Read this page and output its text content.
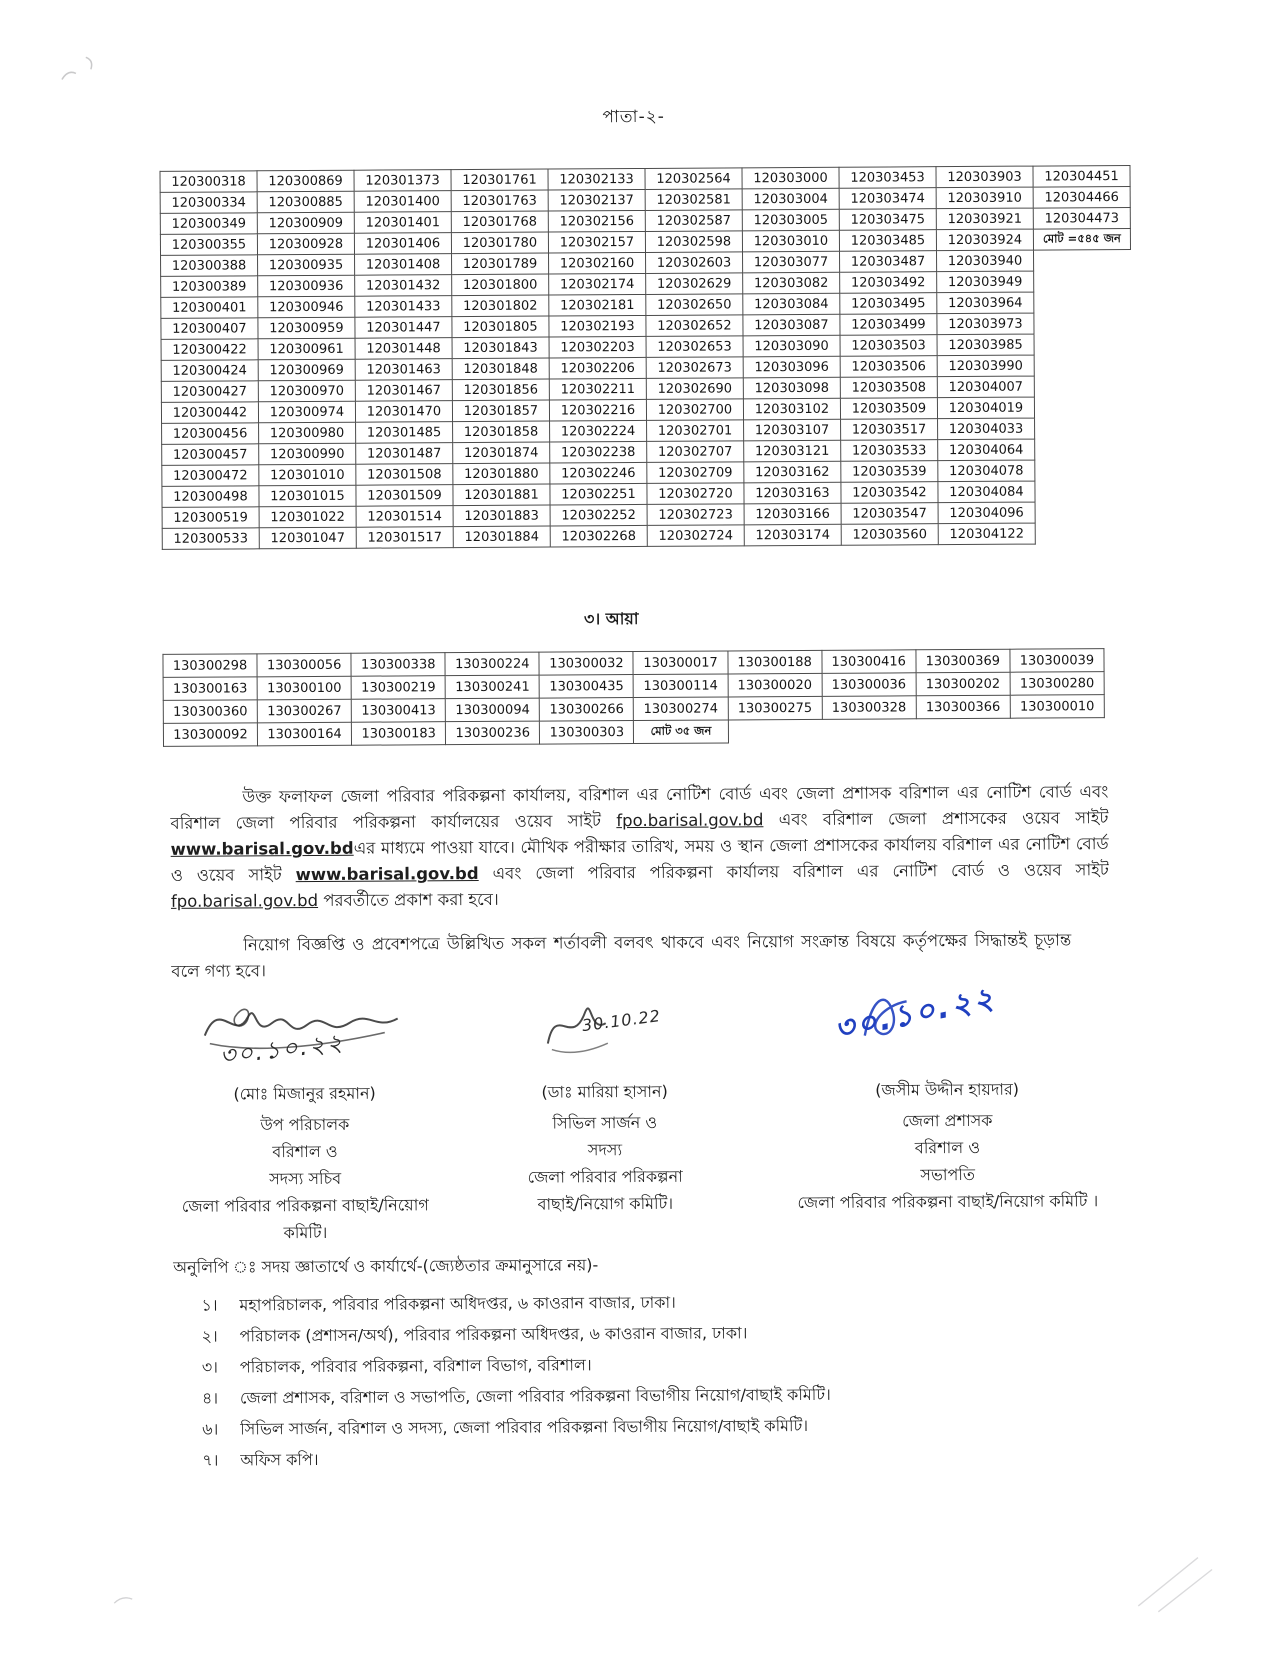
পাতা-২-
120300318	120300869	120301373	120301761	120302133	120302564	120303000	120303453	120303903	120304451
120300334	120300885	120301400	120301763	120302137	120302581	120303004	120303474	120303910	120304466
120300349	120300909	120301401	120301768	120302156	120302587	120303005	120303475	120303921	120304473
120300355	120300928	120301406	120301780	120302157	120302598	120303010	120303485	120303924	মোট =৫৪৫ জন
120300388	120300935	120301408	120301789	120302160	120302603	120303077	120303487	120303940	
120300389	120300936	120301432	120301800	120302174	120302629	120303082	120303492	120303949	
120300401	120300946	120301433	120301802	120302181	120302650	120303084	120303495	120303964	
120300407	120300959	120301447	120301805	120302193	120302652	120303087	120303499	120303973	
120300422	120300961	120301448	120301843	120302203	120302653	120303090	120303503	120303985	
120300424	120300969	120301463	120301848	120302206	120302673	120303096	120303506	120303990	
120300427	120300970	120301467	120301856	120302211	120302690	120303098	120303508	120304007	
120300442	120300974	120301470	120301857	120302216	120302700	120303102	120303509	120304019	
120300456	120300980	120301485	120301858	120302224	120302701	120303107	120303517	120304033	
120300457	120300990	120301487	120301874	120302238	120302707	120303121	120303533	120304064	
120300472	120301010	120301508	120301880	120302246	120302709	120303162	120303539	120304078	
120300498	120301015	120301509	120301881	120302251	120302720	120303163	120303542	120304084	
120300519	120301022	120301514	120301883	120302252	120302723	120303166	120303547	120304096	
120300533	120301047	120301517	120301884	120302268	120302724	120303174	120303560	120304122	
৩। আয়া
130300298	130300056	130300338	130300224	130300032	130300017	130300188	130300416	130300369	130300039
130300163	130300100	130300219	130300241	130300435	130300114	130300020	130300036	130300202	130300280
130300360	130300267	130300413	130300094	130300266	130300274	130300275	130300328	130300366	130300010
130300092	130300164	130300183	130300236	130300303	মোট ৩৫ জন				

উক্ত ফলাফল জেলা পরিবার পরিকল্পনা কার্যালয়, বরিশাল এর নোটিশ বোর্ড এবং জেলা প্রশাসক বরিশাল এর নোটিশ বোর্ড এবং বরিশাল জেলা পরিবার পরিকল্পনা কার্যালয়ের ওয়েব সাইট fpo.barisal.gov.bd এবং বরিশাল জেলা প্রশাসকের ওয়েব সাইট www.barisal.gov.bdএর মাধ্যমে পাওয়া যাবে। মৌখিক পরীক্ষার তারিখ, সময় ও স্থান জেলা প্রশাসকের কার্যালয় বরিশাল এর নোটিশ বোর্ড ও ওয়েব সাইট www.barisal.gov.bd এবং জেলা পরিবার পরিকল্পনা কার্যালয় বরিশাল এর নোটিশ বোর্ড ও ওয়েব সাইট fpo.barisal.gov.bd পরবর্তীতে প্রকাশ করা হবে।

নিয়োগ বিজ্ঞপ্তি ও প্রবেশপত্রে উল্লিখিত সকল শর্তাবলী বলবৎ থাকবে এবং নিয়োগ সংক্রান্ত বিষয়ে কর্তৃপক্ষের সিদ্ধান্তই চূড়ান্ত বলে গণ্য হবে।

৩০.১০.২২
(মোঃ মিজানুর রহমান)
উপ পরিচালক
বরিশাল ও
সদস্য সচিব
জেলা পরিবার পরিকল্পনা বাছাই/নিয়োগ
কমিটি।
30.10.22
(ডাঃ মারিয়া হাসান)
সিভিল সার্জন ও
সদস্য
জেলা পরিবার পরিকল্পনা
বাছাই/নিয়োগ কমিটি।
৩০.১০.২২
(জসীম উদ্দীন হায়দার)
জেলা প্রশাসক
বরিশাল ও
সভাপতি
জেলা পরিবার পরিকল্পনা বাছাই/নিয়োগ কমিটি ।
অনুলিপি ঃ সদয় জ্ঞাতার্থে ও কার্যার্থে-(জ্যেষ্ঠতার ক্রমানুসারে নয়)-
১।	মহাপরিচালক, পরিবার পরিকল্পনা অধিদপ্তর, ৬ কাওরান বাজার, ঢাকা।
২।	পরিচালক (প্রশাসন/অর্থ), পরিবার পরিকল্পনা অধিদপ্তর, ৬ কাওরান বাজার, ঢাকা।
৩।	পরিচালক, পরিবার পরিকল্পনা, বরিশাল বিভাগ, বরিশাল।
৪।	জেলা প্রশাসক, বরিশাল ও সভাপতি, জেলা পরিবার পরিকল্পনা বিভাগীয় নিয়োগ/বাছাই কমিটি।
৬।	সিভিল সার্জন, বরিশাল ও সদস্য, জেলা পরিবার পরিকল্পনা বিভাগীয় নিয়োগ/বাছাই কমিটি।
৭।	অফিস কপি।
